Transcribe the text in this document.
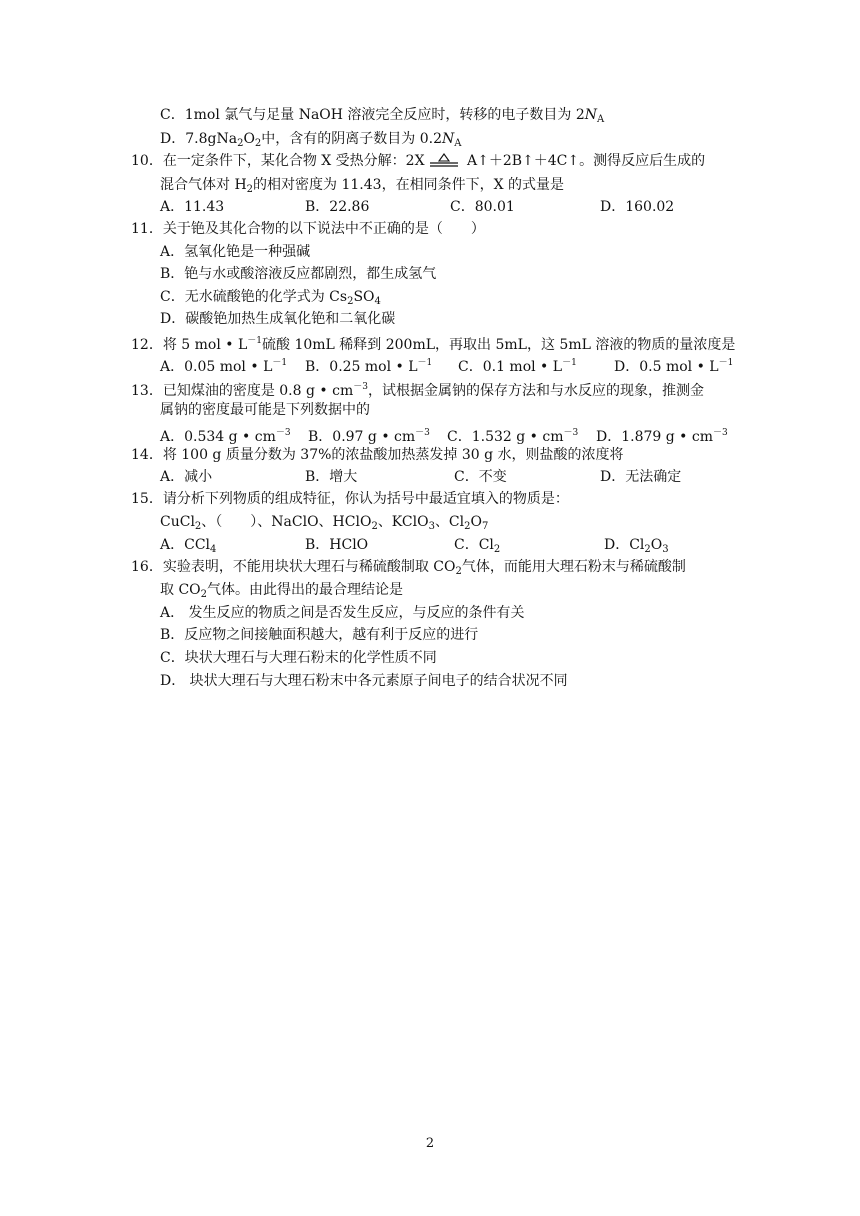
C．1mol 氯气与足量 NaOH 溶液完全反应时，转移的电子数目为 $2N_A$
D．$7.8gNa_2O_2$中，含有的阴离子数目为 $0.2N_A$
10．在一定条件下，某化合物 X 受热分解：2X	A↑＋2B↑＋4C↑。测得反应后生成的
混合气体对 $H_2$的相对密度为 11.43，在相同条件下，X 的式量是
A．11.43	B．22.86	C．80.01	D．160.02
11．关于铯及其化合物的以下说法中不正确的是（　　）
A．氢氧化铯是一种强碱
B．铯与水或酸溶液反应都剧烈，都生成氢气
C．无水硫酸铯的化学式为 $Cs_2SO_4$
D．碳酸铯加热生成氧化铯和二氧化碳
12．将 5 mol • $L^{-1}$硫酸 10mL 稀释到 200mL，再取出 5mL，这 5mL 溶液的物质的量浓度是
A．0.05 mol • $L^{-1}$ B．0.25 mol • $L^{-1}$ C．0.1 mol • $L^{-1}$	D．0.5 mol • $L^{-1}$
13．已知煤油的密度是 0.8 g • $cm^{-3}$，试根据金属钠的保存方法和与水反应的现象，推测金
属钠的密度最可能是下列数据中的
A．0.534 g • $cm^{-3}$ B．0.97 g • $cm^{-3}$ C．1.532 g • $cm^{-3}$ D．1.879 g • $cm^{-3}$
14．将 100 g 质量分数为 37%的浓盐酸加热蒸发掉 30 g 水，则盐酸的浓度将
A．减小	B．增大	C．不变	D．无法确定
15．请分析下列物质的组成特征，你认为括号中最适宜填入的物质是：
CuCl$_2$、（　　）、NaClO、HClO$_2$、KClO$_3$、$Cl_2O_7$
A．CCl$_4$	B．HClO	C．$Cl_2$	D．$Cl_2O_3$
16．实验表明，不能用块状大理石与稀硫酸制取 $CO_2$气体，而能用大理石粉末与稀硫酸制
取 $CO_2$气体。由此得出的最合理结论是
A． 发生反应的物质之间是否发生反应，与反应的条件有关
B．反应物之间接触面积越大，越有利于反应的进行
C．块状大理石与大理石粉末的化学性质不同
D． 块状大理石与大理石粉末中各元素原子间电子的结合状况不同
2
